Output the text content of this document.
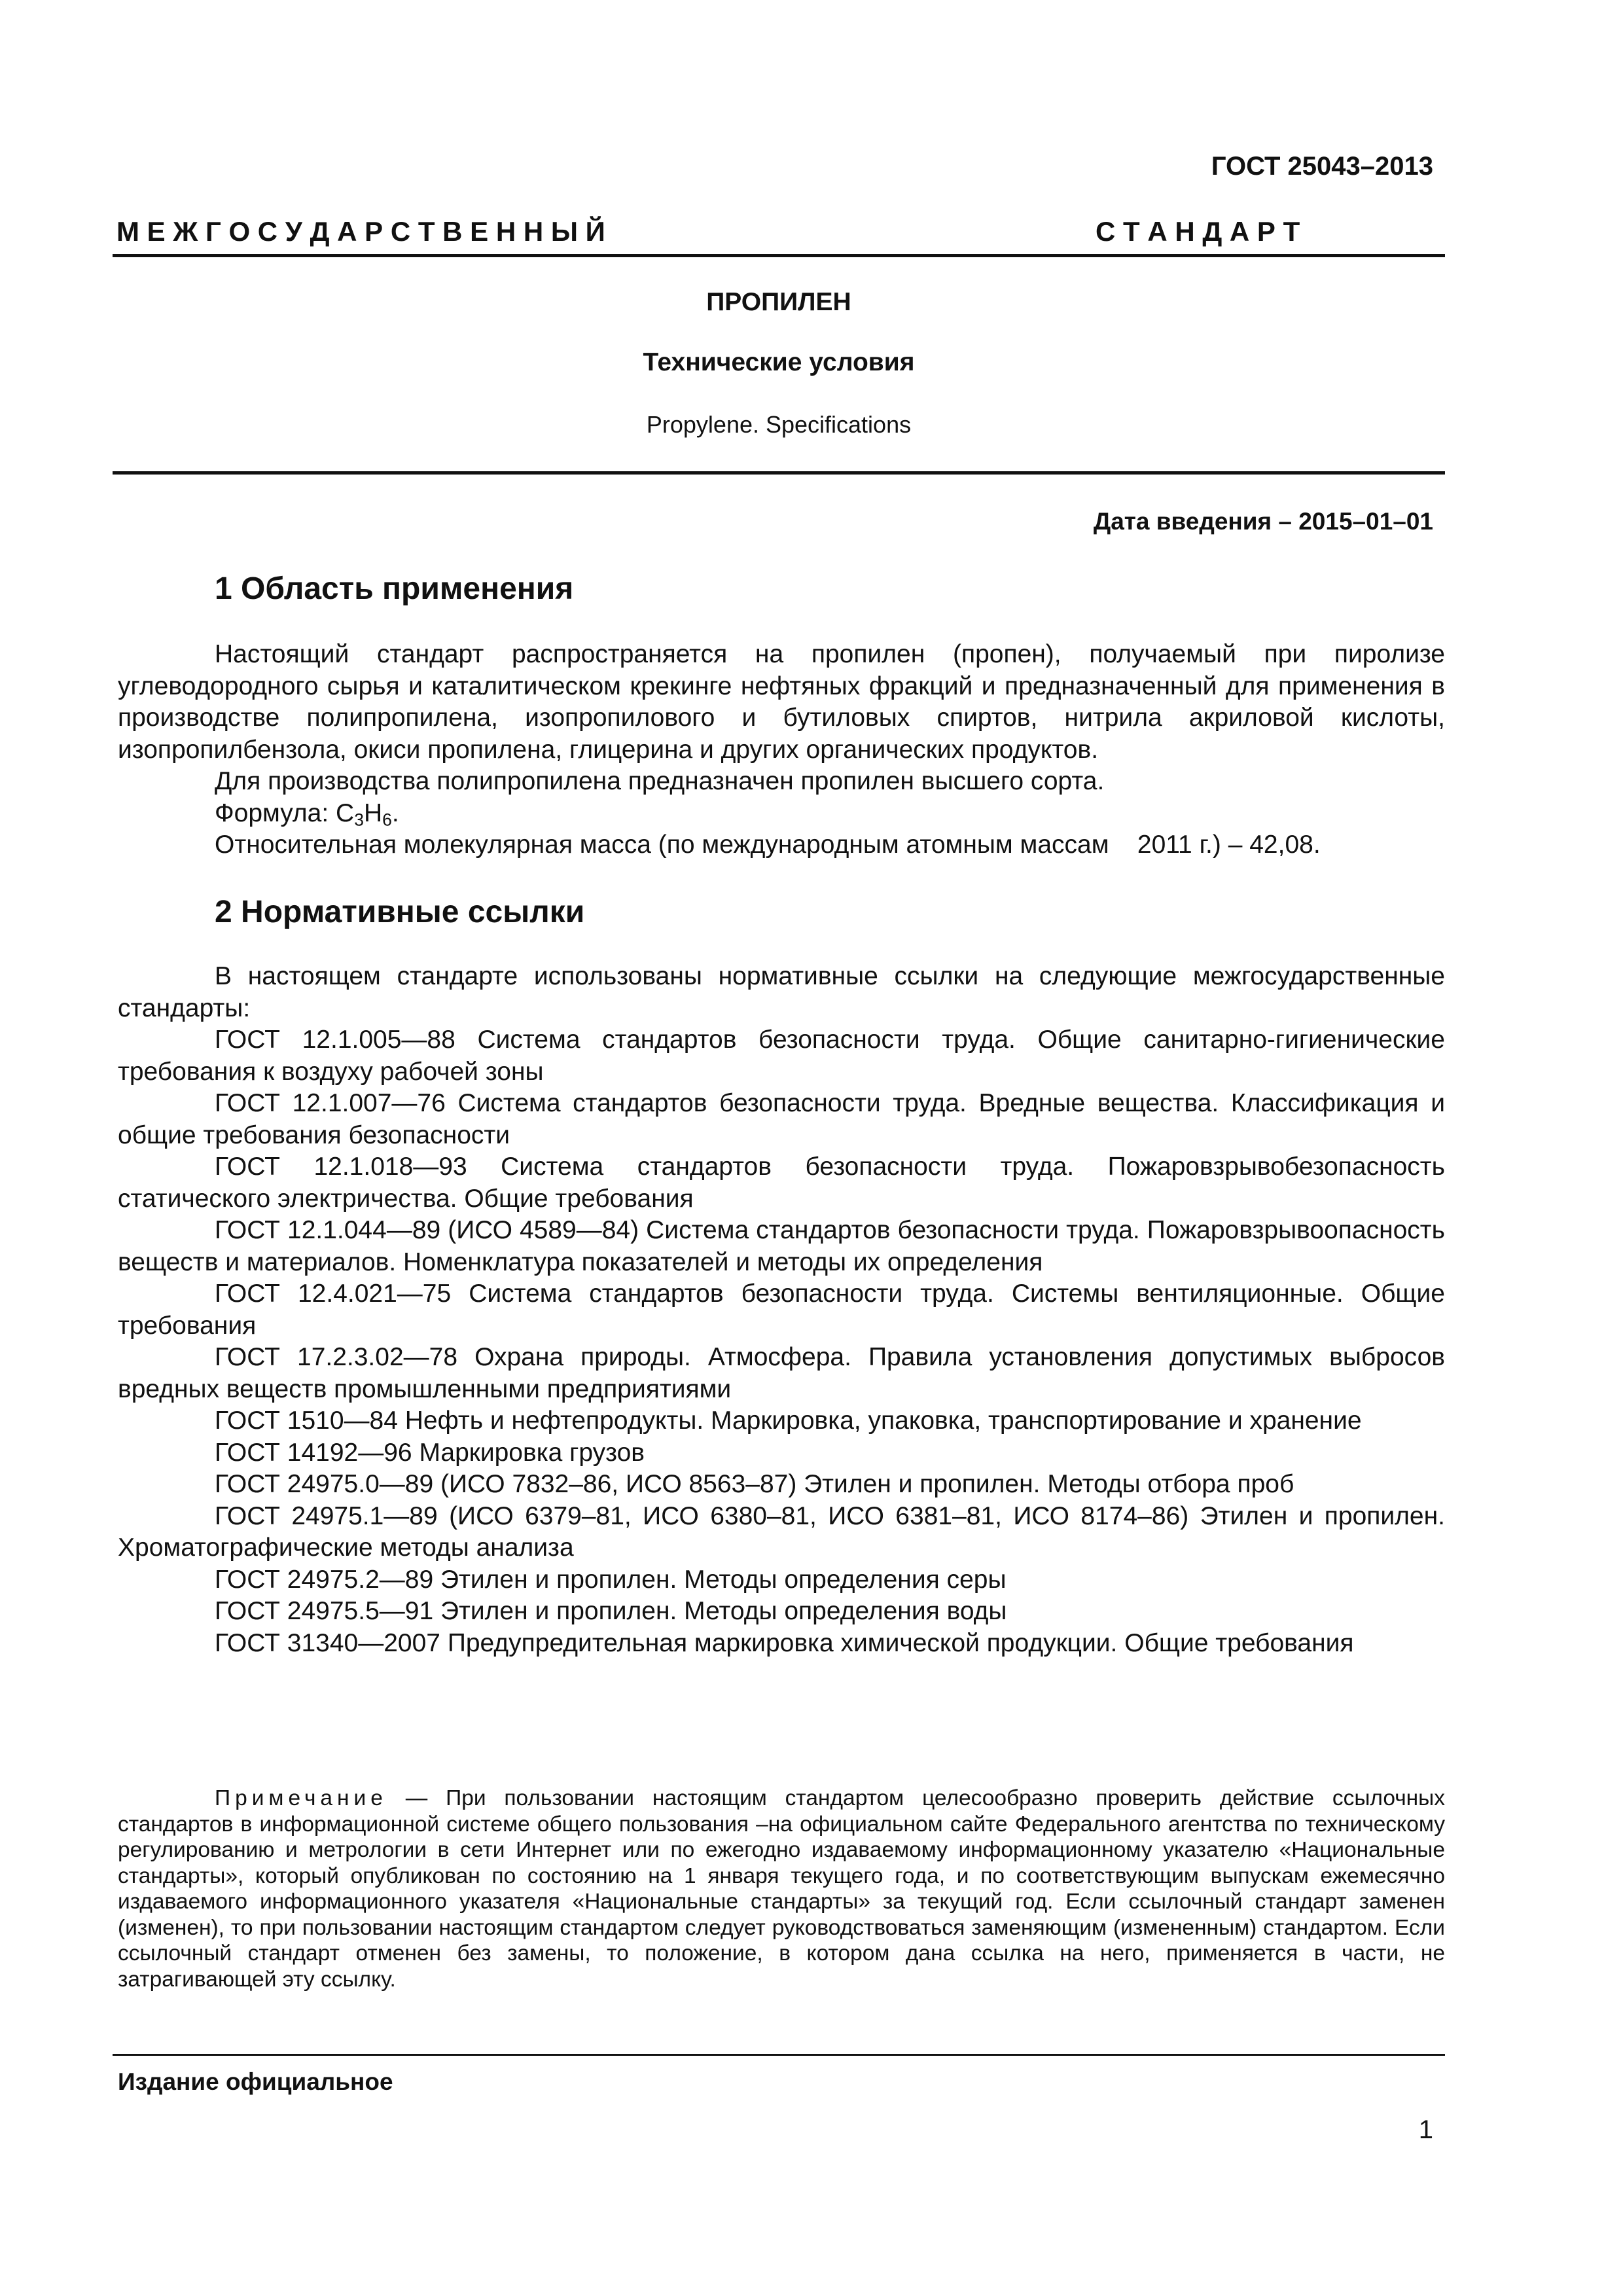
ГОСТ 25043–2013
М Е Ж Г О С У Д А Р С Т В Е Н Н Ы Й	С Т А Н Д А Р Т
ПРОПИЛЕН
Технические условия
Propylene. Specifications
Дата введения – 2015–01–01
1 Область применения

Настоящий стандарт распространяется на пропилен (пропен), получаемый при пиролизе углеводородного сырья и каталитическом крекинге нефтяных фракций и предназначенный для применения в производстве полипропилена, изопропилового и бутиловых спиртов, нитрила акриловой кислоты, изопропилбензола, окиси пропилена, глицерина и других органических продуктов.

Для производства полипропилена предназначен пропилен высшего сорта.

Формула: $С_3Н_6$.

Относительная молекулярная масса (по международным атомным массам    2011 г.) – 42,08.

2 Нормативные ссылки

В настоящем стандарте использованы нормативные ссылки на следующие межгосударственные стандарты:

ГОСТ 12.1.005—88 Система стандартов безопасности труда. Общие санитарно-гигиенические требования к воздуху рабочей зоны

ГОСТ 12.1.007—76 Система стандартов безопасности труда. Вредные вещества. Классификация и общие требования безопасности

ГОСТ 12.1.018—93 Система стандартов безопасности труда. Пожаровзрывобезопасность статического электричества. Общие требования

ГОСТ 12.1.044—89 (ИСО 4589—84) Система стандартов безопасности труда. Пожаровзрывоопасность веществ и материалов. Номенклатура показателей и методы их определения

ГОСТ 12.4.021—75 Система стандартов безопасности труда. Системы вентиляционные. Общие требования

ГОСТ 17.2.3.02—78 Охрана природы. Атмосфера. Правила установления допустимых выбросов вредных веществ промышленными предприятиями

ГОСТ 1510—84 Нефть и нефтепродукты. Маркировка, упаковка, транспортирование и хранение

ГОСТ 14192—96 Маркировка грузов

ГОСТ 24975.0—89 (ИСО 7832–86, ИСО 8563–87) Этилен и пропилен. Методы отбора проб

ГОСТ 24975.1—89 (ИСО 6379–81, ИСО 6380–81, ИСО 6381–81, ИСО 8174–86) Этилен и пропилен. Хроматографические методы анализа

ГОСТ 24975.2—89 Этилен и пропилен. Методы определения серы

ГОСТ 24975.5—91 Этилен и пропилен. Методы определения воды

ГОСТ 31340—2007 Предупредительная маркировка химической продукции. Общие требования

Примечание — При пользовании настоящим стандартом целесообразно проверить действие ссылочных стандартов в информационной системе общего пользования –на официальном сайте Федерального агентства по техническому регулированию и метрологии в сети Интернет или по ежегодно издаваемому информационному указателю «Национальные стандарты», который опубликован по состоянию на 1 января текущего года, и по соответствующим выпускам ежемесячно издаваемого информационного указателя «Национальные стандарты» за текущий год. Если ссылочный стандарт заменен (изменен), то при пользовании настоящим стандартом следует руководствоваться заменяющим (измененным) стандартом. Если ссылочный стандарт отменен без замены, то положение, в котором дана ссылка на него, применяется в части, не затрагивающей эту ссылку.

Издание официальное
1
